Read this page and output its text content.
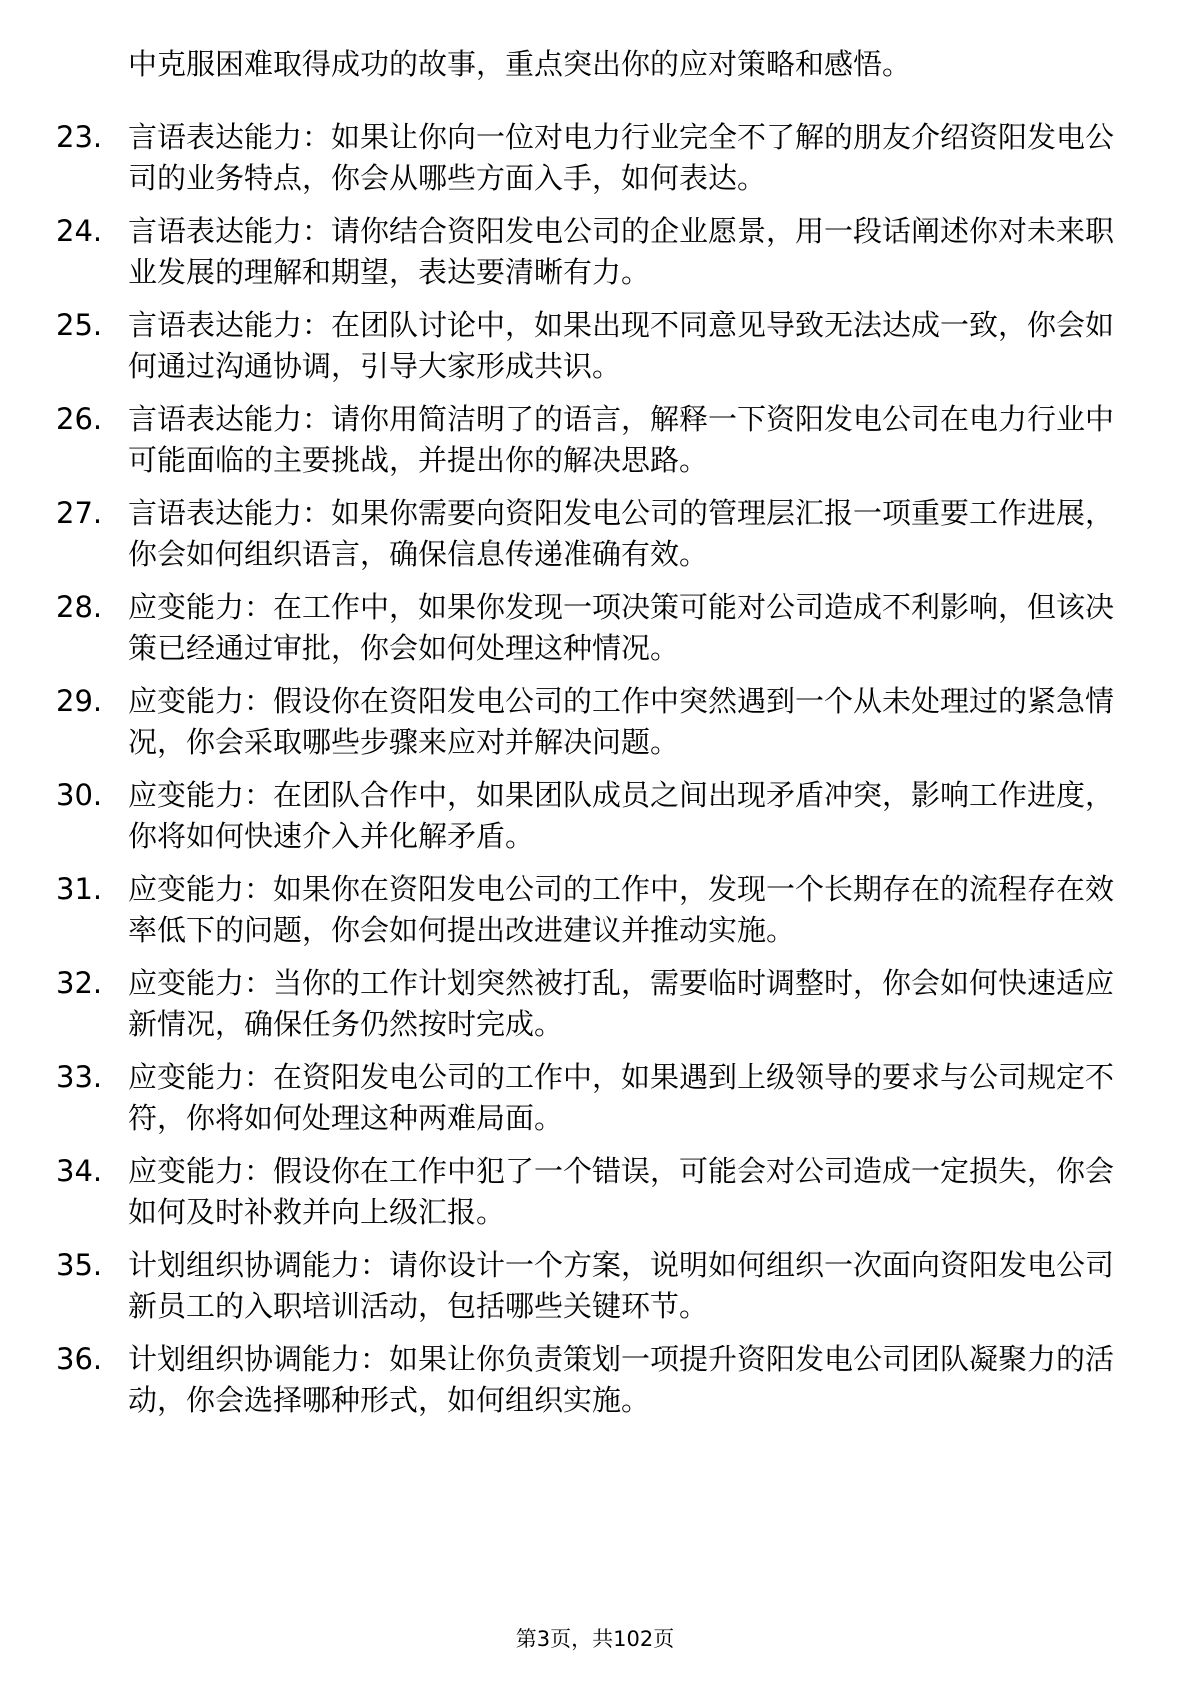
中克服困难取得成功的故事，重点突出你的应对策略和感悟。
23. 言语表达能力：如果让你向一位对电力行业完全不了解的朋友介绍资阳发电公司的业务特点，你会从哪些方面入手，如何表达。
24. 言语表达能力：请你结合资阳发电公司的企业愿景，用一段话阐述你对未来职业发展的理解和期望，表达要清晰有力。
25. 言语表达能力：在团队讨论中，如果出现不同意见导致无法达成一致，你会如何通过沟通协调，引导大家形成共识。
26. 言语表达能力：请你用简洁明了的语言，解释一下资阳发电公司在电力行业中可能面临的主要挑战，并提出你的解决思路。
27. 言语表达能力：如果你需要向资阳发电公司的管理层汇报一项重要工作进展，你会如何组织语言，确保信息传递准确有效。
28. 应变能力：在工作中，如果你发现一项决策可能对公司造成不利影响，但该决策已经通过审批，你会如何处理这种情况。
29. 应变能力：假设你在资阳发电公司的工作中突然遇到一个从未处理过的紧急情况，你会采取哪些步骤来应对并解决问题。
30. 应变能力：在团队合作中，如果团队成员之间出现矛盾冲突，影响工作进度，你将如何快速介入并化解矛盾。
31. 应变能力：如果你在资阳发电公司的工作中，发现一个长期存在的流程存在效率低下的问题，你会如何提出改进建议并推动实施。
32. 应变能力：当你的工作计划突然被打乱，需要临时调整时，你会如何快速适应新情况，确保任务仍然按时完成。
33. 应变能力：在资阳发电公司的工作中，如果遇到上级领导的要求与公司规定不符，你将如何处理这种两难局面。
34. 应变能力：假设你在工作中犯了一个错误，可能会对公司造成一定损失，你会如何及时补救并向上级汇报。
35. 计划组织协调能力：请你设计一个方案，说明如何组织一次面向资阳发电公司新员工的入职培训活动，包括哪些关键环节。
36. 计划组织协调能力：如果让你负责策划一项提升资阳发电公司团队凝聚力的活动，你会选择哪种形式，如何组织实施。
第3页，共102页
